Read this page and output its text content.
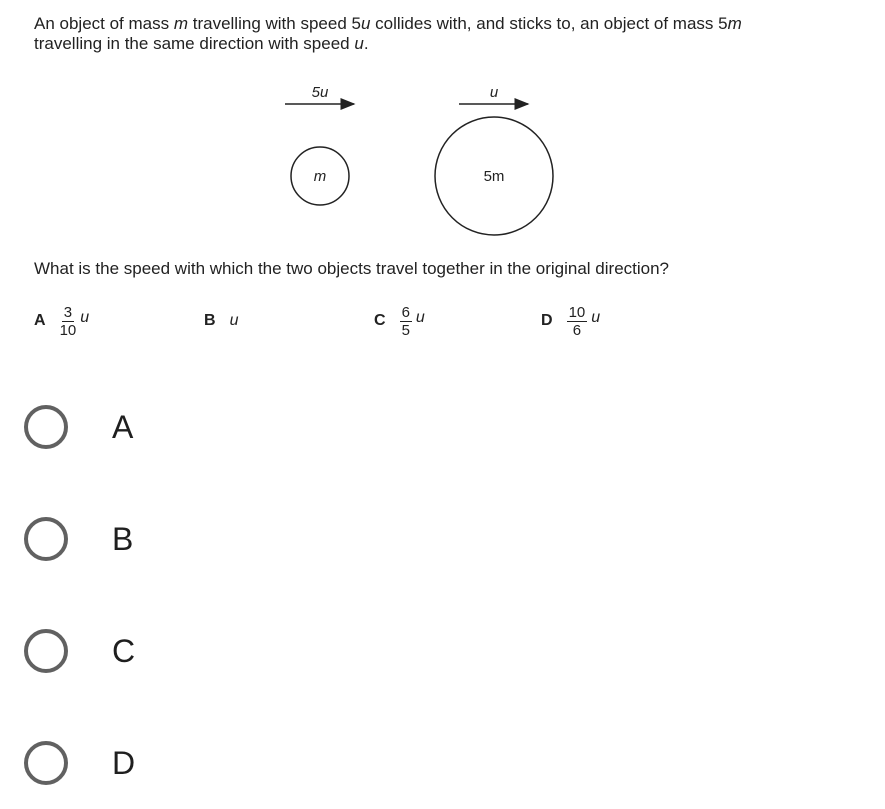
An object of mass m travelling with speed 5u collides with, and sticks to, an object of mass 5m
travelling in the same direction with speed u.
5u
m
u
5m
What is the speed with which the two objects travel together in the original direction?
A $\frac{3}{10}$ u	B u	C $\frac{6}{5}$ u	D $\frac{10}{6}$ u
A
B
C
D
